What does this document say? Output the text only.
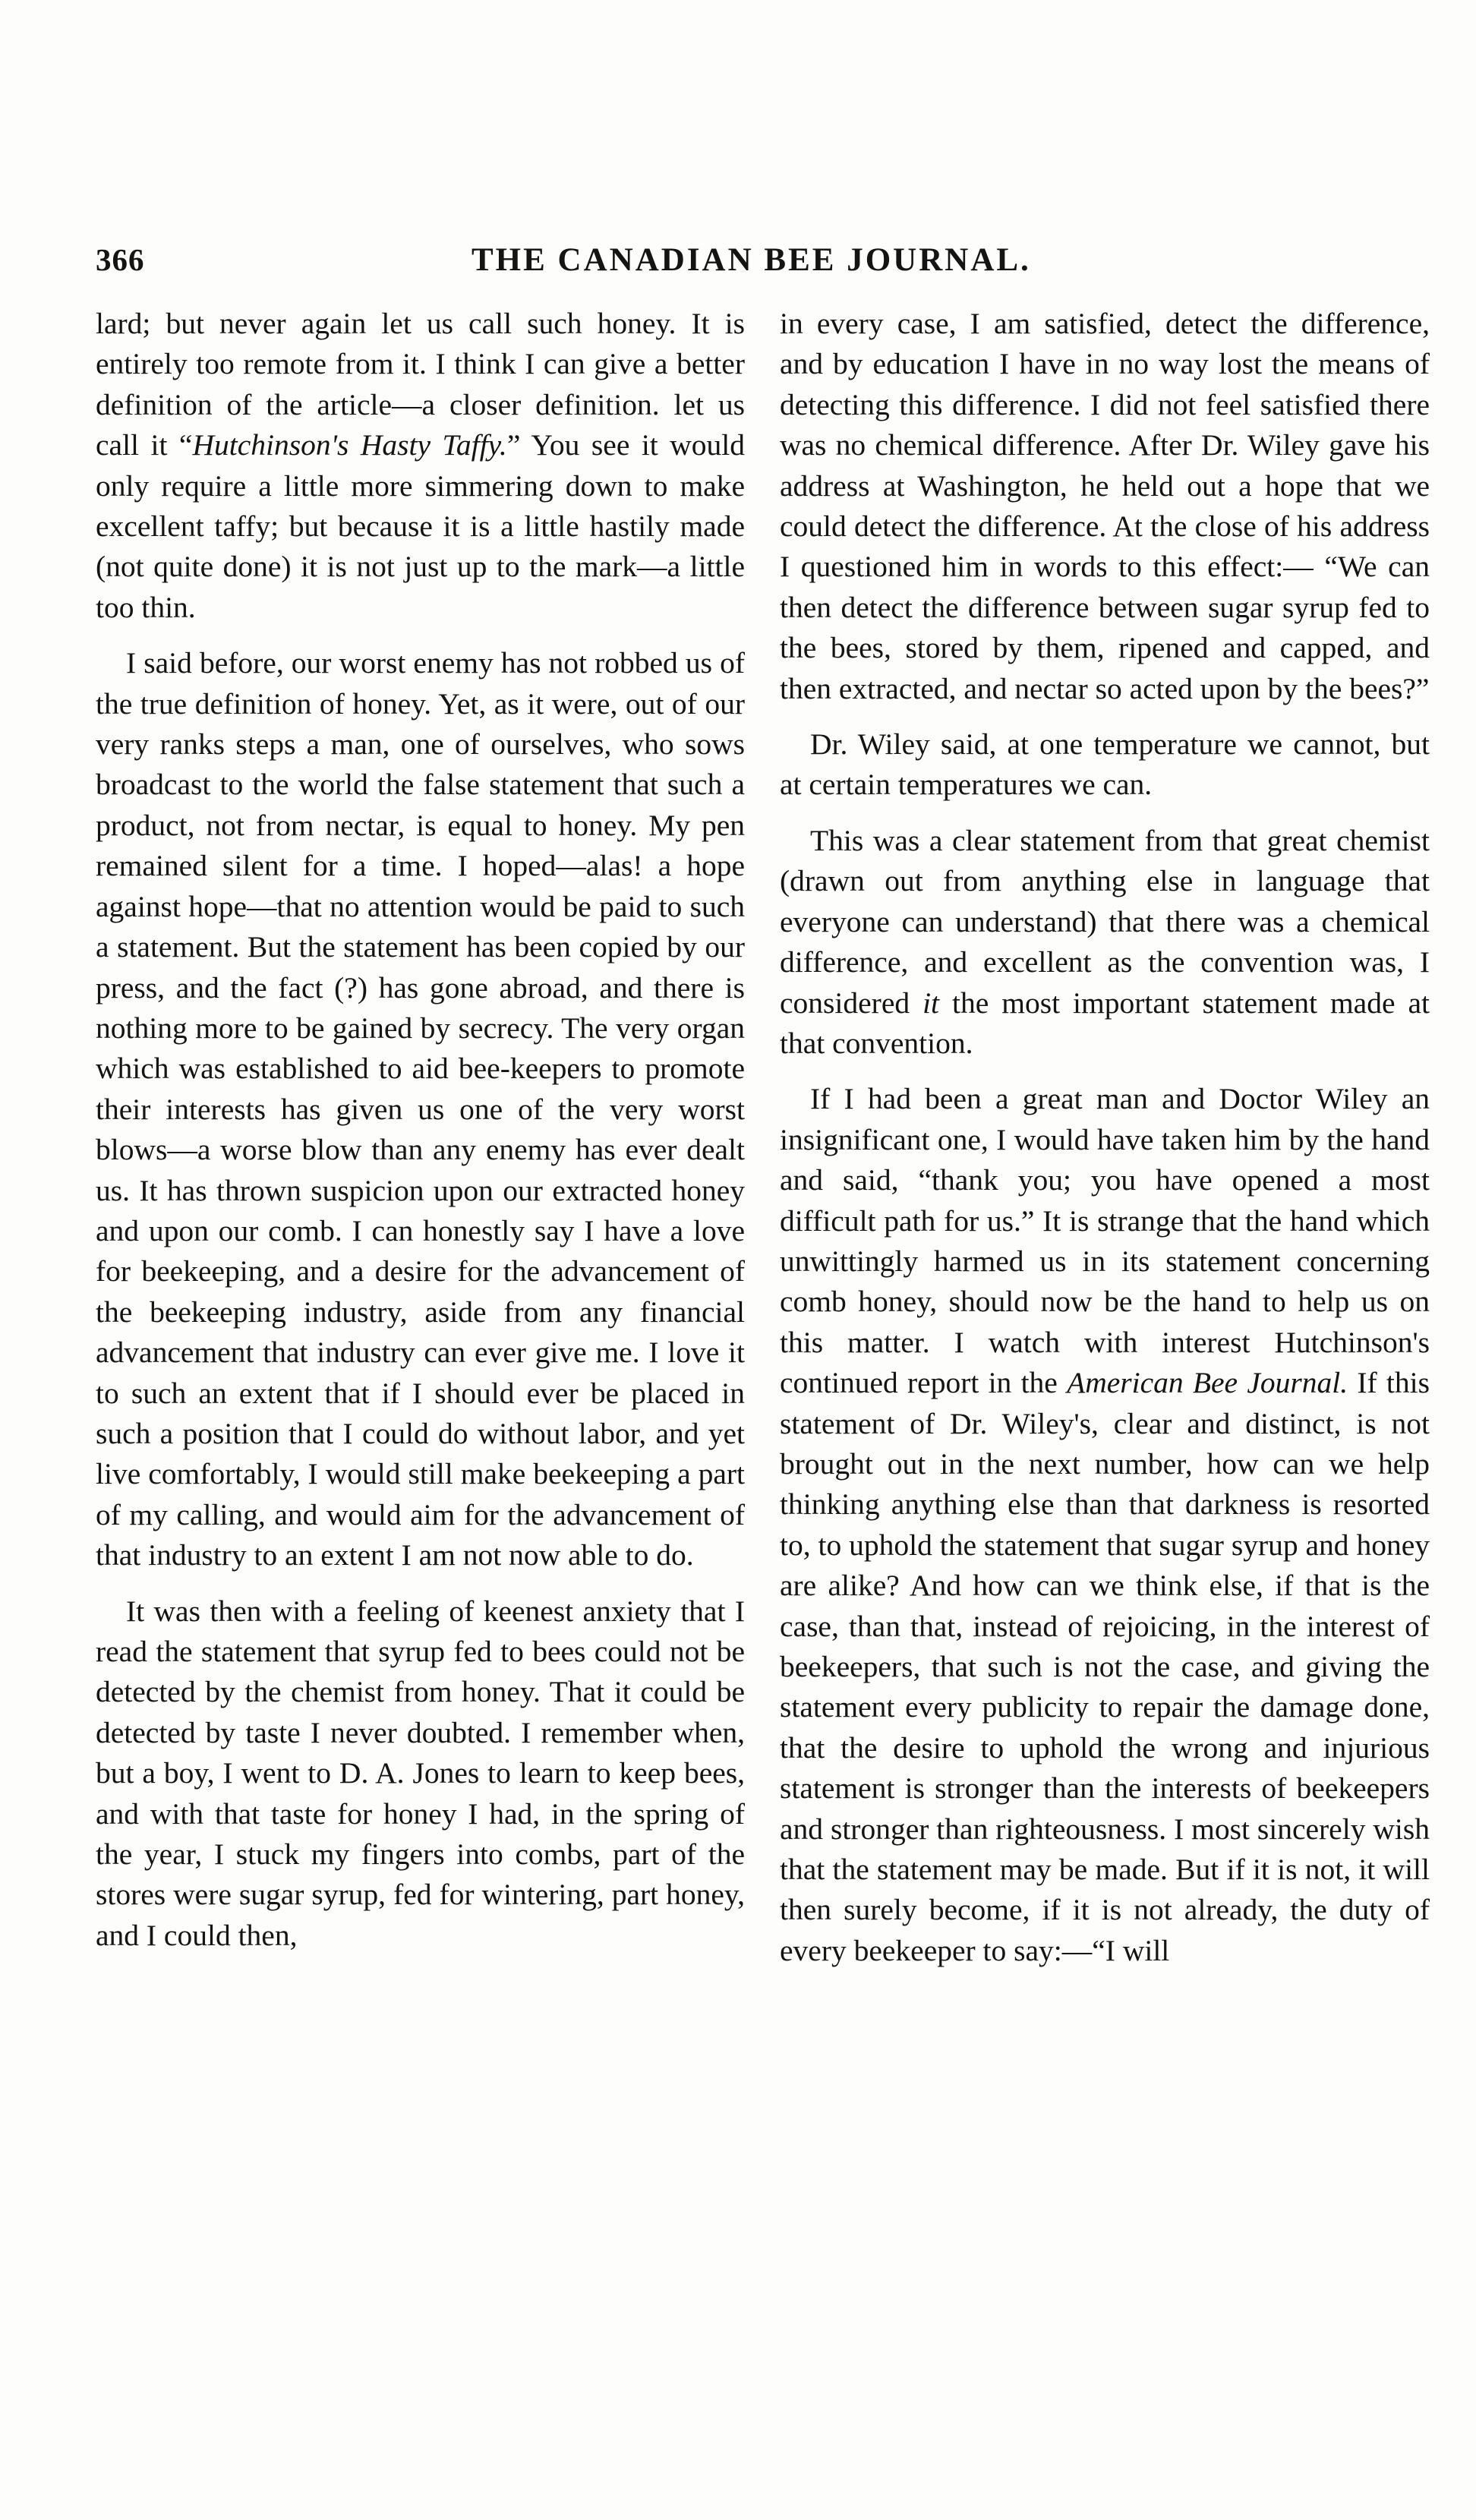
366	THE CANADIAN BEE JOURNAL.

lard; but never again let us call such honey. It is entirely too remote from it. I think I can give a better definition of the article—a closer definition. let us call it “Hutchinson's Hasty Taffy.” You see it would only require a little more simmering down to make excellent taffy; but because it is a little hastily made (not quite done) it is not just up to the mark—a little too thin.

I said before, our worst enemy has not robbed us of the true definition of honey. Yet, as it were, out of our very ranks steps a man, one of ourselves, who sows broadcast to the world the false statement that such a product, not from nectar, is equal to honey. My pen remained silent for a time. I hoped—alas! a hope against hope—that no attention would be paid to such a statement. But the statement has been copied by our press, and the fact (?) has gone abroad, and there is nothing more to be gained by secrecy. The very organ which was established to aid bee-keepers to promote their interests has given us one of the very worst blows—a worse blow than any enemy has ever dealt us. It has thrown suspicion upon our extracted honey and upon our comb. I can honestly say I have a love for beekeeping, and a desire for the advancement of the beekeeping industry, aside from any financial advancement that industry can ever give me. I love it to such an extent that if I should ever be placed in such a position that I could do without labor, and yet live comfortably, I would still make beekeeping a part of my calling, and would aim for the advancement of that industry to an extent I am not now able to do.

It was then with a feeling of keenest anxiety that I read the statement that syrup fed to bees could not be detected by the chemist from honey. That it could be detected by taste I never doubted. I remember when, but a boy, I went to D. A. Jones to learn to keep bees, and with that taste for honey I had, in the spring of the year, I stuck my fingers into combs, part of the stores were sugar syrup, fed for wintering, part honey, and I could then,

in every case, I am satisfied, detect the difference, and by education I have in no way lost the means of detecting this difference. I did not feel satisfied there was no chemical difference. After Dr. Wiley gave his address at Washington, he held out a hope that we could detect the difference. At the close of his address I questioned him in words to this effect:— “We can then detect the difference between sugar syrup fed to the bees, stored by them, ripened and capped, and then extracted, and nectar so acted upon by the bees?”

Dr. Wiley said, at one temperature we cannot, but at certain temperatures we can.

This was a clear statement from that great chemist (drawn out from anything else in language that everyone can understand) that there was a chemical difference, and excellent as the convention was, I considered it the most important statement made at that convention.

If I had been a great man and Doctor Wiley an insignificant one, I would have taken him by the hand and said, “thank you; you have opened a most difficult path for us.” It is strange that the hand which unwittingly harmed us in its statement concerning comb honey, should now be the hand to help us on this matter. I watch with interest Hutchinson's continued report in the American Bee Journal. If this statement of Dr. Wiley's, clear and distinct, is not brought out in the next number, how can we help thinking anything else than that darkness is resorted to, to uphold the statement that sugar syrup and honey are alike? And how can we think else, if that is the case, than that, instead of rejoicing, in the interest of beekeepers, that such is not the case, and giving the statement every publicity to repair the damage done, that the desire to uphold the wrong and injurious statement is stronger than the interests of beekeepers and stronger than righteousness. I most sincerely wish that the statement may be made. But if it is not, it will then surely become, if it is not already, the duty of every beekeeper to say:—“I will
